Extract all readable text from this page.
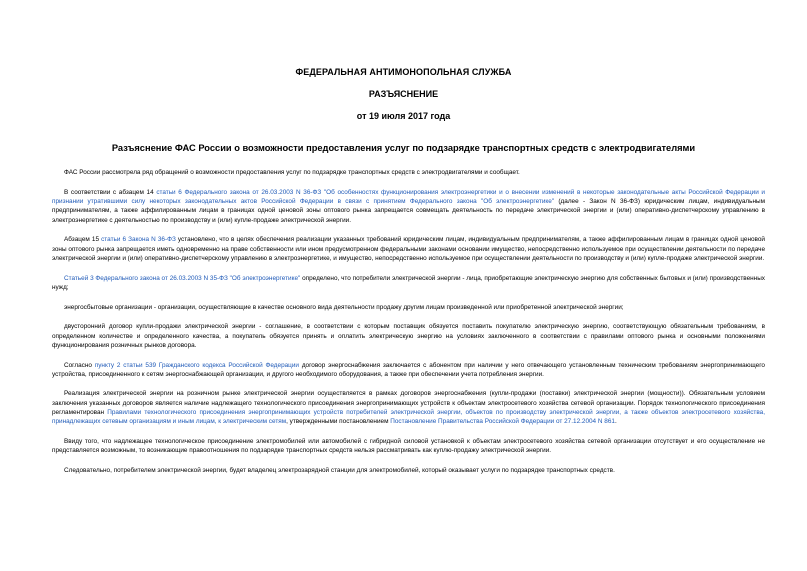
ФЕДЕРАЛЬНАЯ АНТИМОНОПОЛЬНАЯ СЛУЖБА
РАЗЪЯСНЕНИЕ
от 19 июля 2017 года
Разъяснение ФАС России о возможности предоставления услуг по подзарядке транспортных средств с электродвигателями

ФАС России рассмотрела ряд обращений о возможности предоставления услуг по подзарядке транспортных средств с электродвигателями и сообщает.

В соответствии с абзацем 14 статьи 6 Федерального закона от 26.03.2003 N 36-ФЗ "Об особенностях функционирования электроэнергетики и о внесении изменений в некоторые законодательные акты Российской Федерации и признании утратившими силу некоторых законодательных актов Российской Федерации в связи с принятием Федерального закона "Об электроэнергетике" (далее - Закон N 36-ФЗ) юридическим лицам, индивидуальным предпринимателям, а также аффилированным лицам в границах одной ценовой зоны оптового рынка запрещается совмещать деятельность по передаче электрической энергии и (или) оперативно-диспетчерскому управлению в электроэнергетике с деятельностью по производству и (или) купле-продаже электрической энергии.

Абзацем 15 статьи 6 Закона N 36-ФЗ установлено, что в целях обеспечения реализации указанных требований юридическим лицам, индивидуальным предпринимателям, а также аффилированным лицам в границах одной ценовой зоны оптового рынка запрещается иметь одновременно на праве собственности или ином предусмотренном федеральными законами основании имущество, непосредственно используемое при осуществлении деятельности по передаче электрической энергии и (или) оперативно-диспетчерскому управлению в электроэнергетике, и имущество, непосредственно используемое при осуществлении деятельности по производству и (или) купле-продаже электрической энергии.

Статьей 3 Федерального закона от 26.03.2003 N 35-ФЗ "Об электроэнергетике" определено, что потребители электрической энергии - лица, приобретающие электрическую энергию для собственных бытовых и (или) производственных нужд;

энергосбытовые организации - организации, осуществляющие в качестве основного вида деятельности продажу другим лицам произведенной или приобретенной электрической энергии;

двусторонний договор купли-продажи электрической энергии - соглашение, в соответствии с которым поставщик обязуется поставить покупателю электрическую энергию, соответствующую обязательным требованиям, в определенном количестве и определенного качества, а покупатель обязуется принять и оплатить электрическую энергию на условиях заключенного в соответствии с правилами оптового рынка и основными положениями функционирования розничных рынков договора.

Согласно пункту 2 статьи 539 Гражданского кодекса Российской Федерации договор энергоснабжения заключается с абонентом при наличии у него отвечающего установленным техническим требованиям энергопринимающего устройства, присоединенного к сетям энергоснабжающей организации, и другого необходимого оборудования, а также при обеспечении учета потребления энергии.

Реализация электрической энергии на розничном рынке электрической энергии осуществляется в рамках договоров энергоснабжения (купли-продажи (поставки) электрической энергии (мощности)). Обязательным условием заключения указанных договоров является наличие надлежащего технологического присоединения энергопринимающих устройств к объектам электросетевого хозяйства сетевой организации. Порядок технологического присоединения регламентирован Правилами технологического присоединения энергопринимающих устройств потребителей электрической энергии, объектов по производству электрической энергии, а также объектов электросетевого хозяйства, принадлежащих сетевым организациям и иным лицам, к электрическим сетям, утвержденными постановлением Постановление Правительства Российской Федерации от 27.12.2004 N 861.

Ввиду того, что надлежащее технологическое присоединение электромобилей или автомобилей с гибридной силовой установкой к объектам электросетевого хозяйства сетевой организации отсутствует и его осуществление не представляется возможным, то возникающие правоотношения по подзарядке транспортных средств нельзя рассматривать как куплю-продажу электрической энергии.

Следовательно, потребителем электрической энергии, будет владелец электрозарядной станции для электромобилей, который оказывает услуги по подзарядке транспортных средств.
